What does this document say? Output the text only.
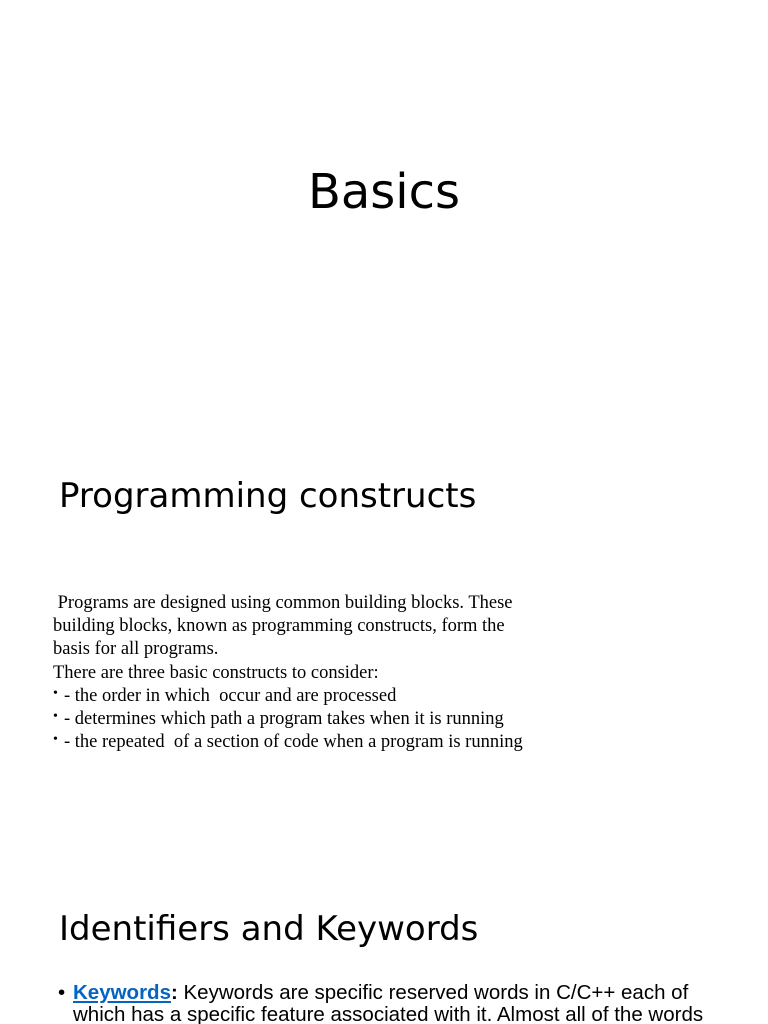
Basics
Programming constructs

Programs are designed using common building blocks. These

building blocks, known as programming constructs, form the

basis for all programs.

There are three basic constructs to consider:

• - the order in which  occur and are processed
• - determines which path a program takes when it is running
• - the repeated  of a section of code when a program is running
Identifiers and Keywords
• Keywords: Keywords are specific reserved words in C/C++ each of which has a specific feature associated with it. Almost all of the words
